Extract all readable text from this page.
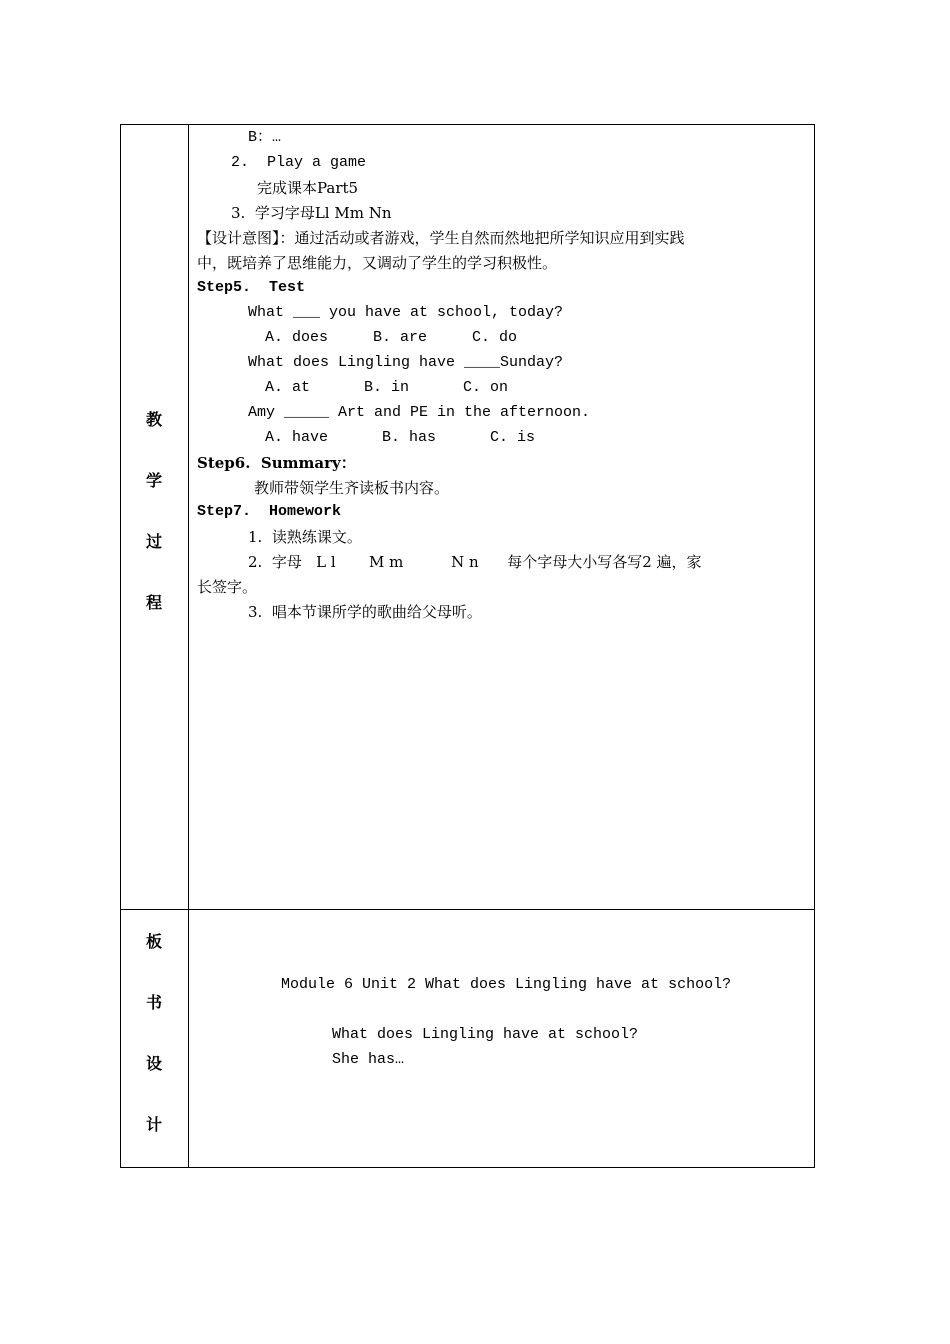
教
学
过
程
板
书
设
计
B：…
2.  Play a game
完成课本Part5
3.  学习字母Ll Mm Nn
【设计意图】：通过活动或者游戏，学生自然而然地把所学知识应用到实践
中，既培养了思维能力，又调动了学生的学习积极性。
Step5.  Test
What ___ you have at school, today?
A. does     B. are     C. do
What does Lingling have ____Sunday?
A. at      B. in      C. on
Amy _____ Art and PE in the afternoon.
A. have      B. has      C. is
Step6.  Summary：
教师带领学生齐读板书内容。
Step7.  Homework
1.  读熟练课文。
2.  字母   L l       M m          N n      每个字母大小写各写2 遍，家
长签字。
3.  唱本节课所学的歌曲给父母听。
Module 6 Unit 2 What does Lingling have at school?
What does Lingling have at school?
She has…
